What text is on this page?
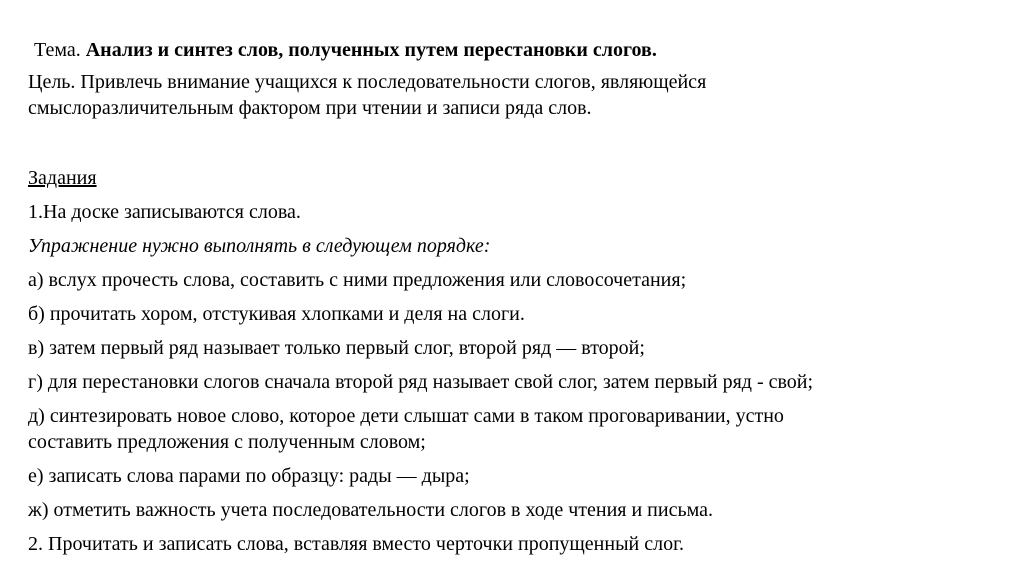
Тема. Анализ и синтез слов, полученных путем перестановки слогов.
Цель. Привлечь внимание учащихся к последовательности слогов, являющейся
смыслоразличительным фактором при чтении и записи ряда слов.
Задания
1.На доске записываются слова.
Упражнение нужно выполнять в следующем порядке:
а) вслух прочесть слова, составить с ними предложения или словосочетания;
б) прочитать хором, отстукивая хлопками и деля на слоги.
в) затем первый ряд называет только первый слог, второй ряд — второй;
г) для перестановки слогов сначала второй ряд называет свой слог, затем первый ряд - свой;
д) синтезировать новое слово, которое дети слышат сами в таком проговаривании, устно
составить предложения с полученным словом;
е) записать слова парами по образцу: рады — дыра;
ж) отметить важность учета последовательности слогов в ходе чтения и письма.
2. Прочитать и записать слова, вставляя вместо черточки пропущенный слог.
